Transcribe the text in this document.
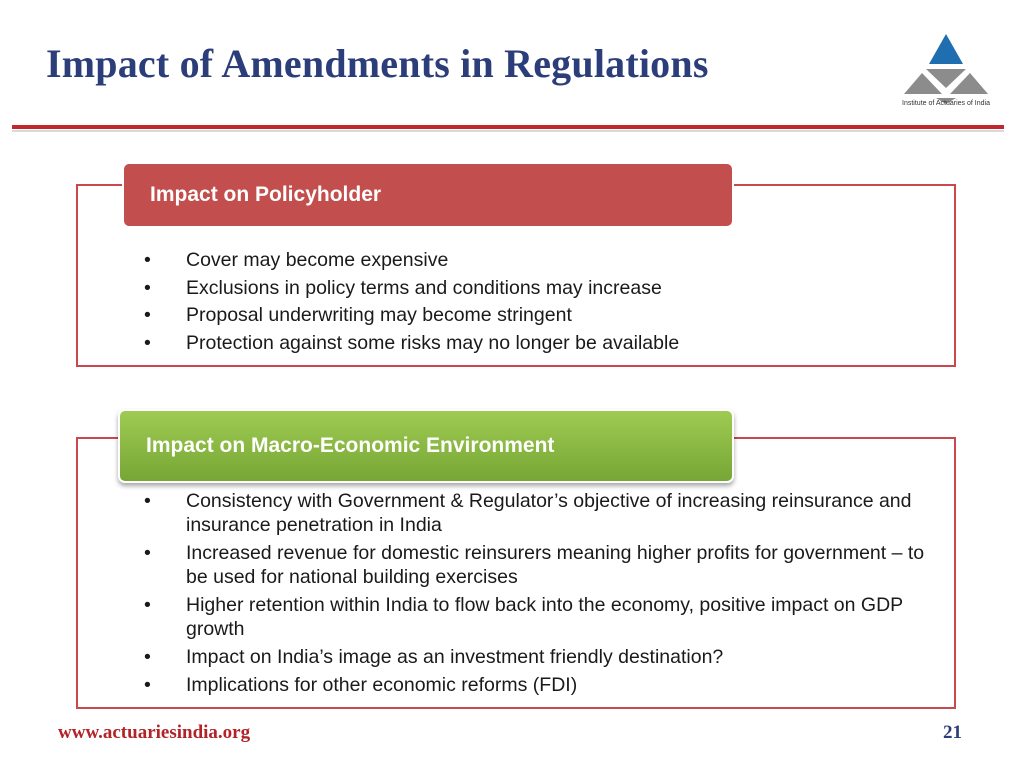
Impact of Amendments in Regulations
Institute of Actuaries of India
Impact on Policyholder
•	Cover may become expensive
•	Exclusions in policy terms and conditions may increase
•	Proposal underwriting may become stringent
•	Protection against some risks may no longer be available
Impact on Macro-Economic Environment
•	Consistency with Government & Regulator’s objective of increasing reinsurance and insurance penetration in India
•	Increased revenue for domestic reinsurers meaning higher profits for government – to be used for national building exercises
•	Higher retention within India to flow back into the economy, positive impact on GDP growth
•	Impact on India’s image as an investment friendly destination?
•	Implications for other economic reforms (FDI)
www.actuariesindia.org	21
